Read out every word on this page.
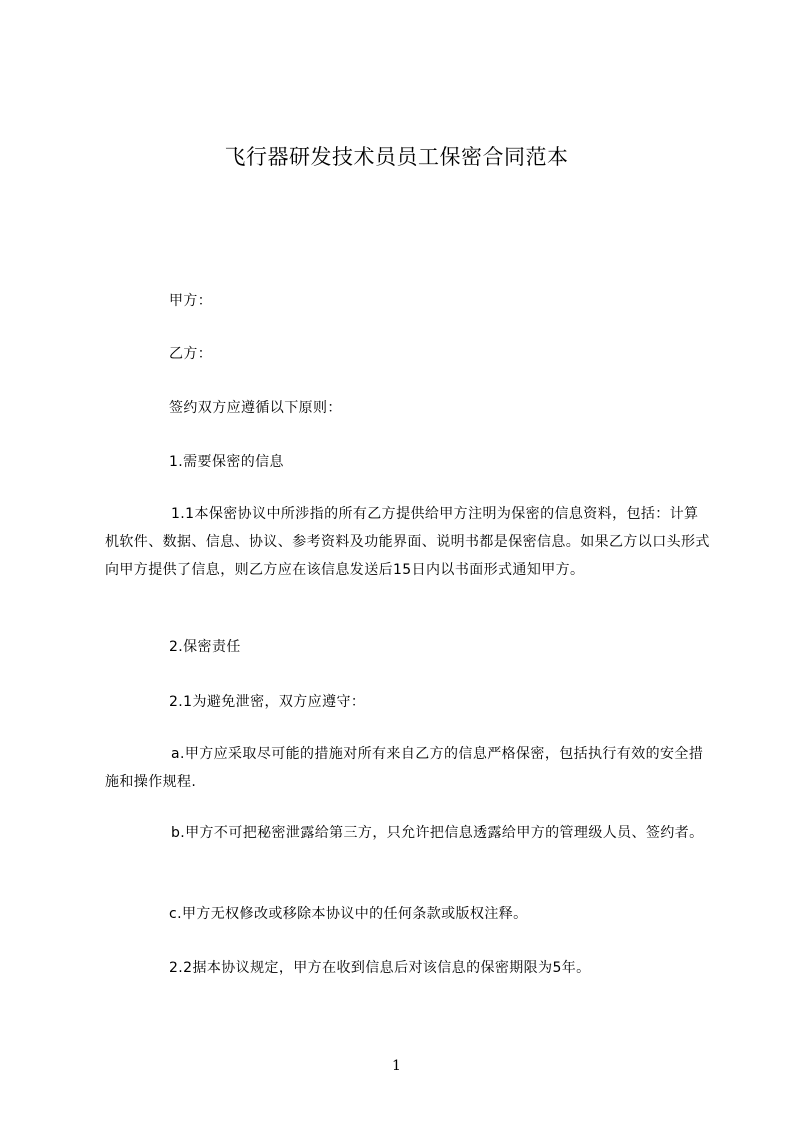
飞行器研发技术员员工保密合同范本

甲方：

乙方：

签约双方应遵循以下原则：

1.需要保密的信息

1.1本保密协议中所涉指的所有乙方提供给甲方注明为保密的信息资料，包括：计算机软件、数据、信息、协议、参考资料及功能界面、说明书都是保密信息。如果乙方以口头形式向甲方提供了信息，则乙方应在该信息发送后15日内以书面形式通知甲方。

2.保密责任

2.1为避免泄密，双方应遵守：

a.甲方应采取尽可能的措施对所有来自乙方的信息严格保密，包括执行有效的安全措施和操作规程.

b.甲方不可把秘密泄露给第三方，只允许把信息透露给甲方的管理级人员、签约者。

c.甲方无权修改或移除本协议中的任何条款或版权注释。

2.2据本协议规定，甲方在收到信息后对该信息的保密期限为5年。

1
